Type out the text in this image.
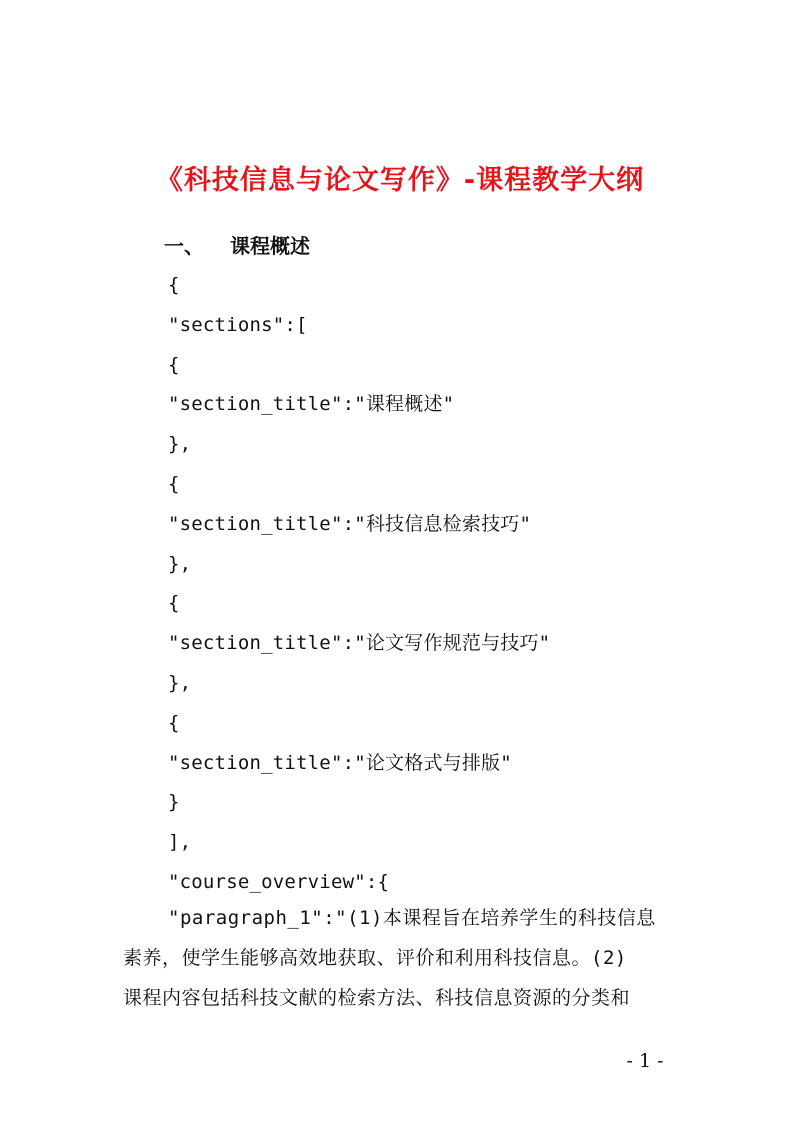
《科技信息与论文写作》-课程教学大纲
一、 课程概述
{
"sections":[
{
"section_title":"课程概述"
},
{
"section_title":"科技信息检索技巧"
},
{
"section_title":"论文写作规范与技巧"
},
{
"section_title":"论文格式与排版"
}
],
"course_overview":{
"paragraph_1":"(1)本课程旨在培养学生的科技信息
素养，使学生能够高效地获取、评价和利用科技信息。(2)
课程内容包括科技文献的检索方法、科技信息资源的分类和
- 1 -
